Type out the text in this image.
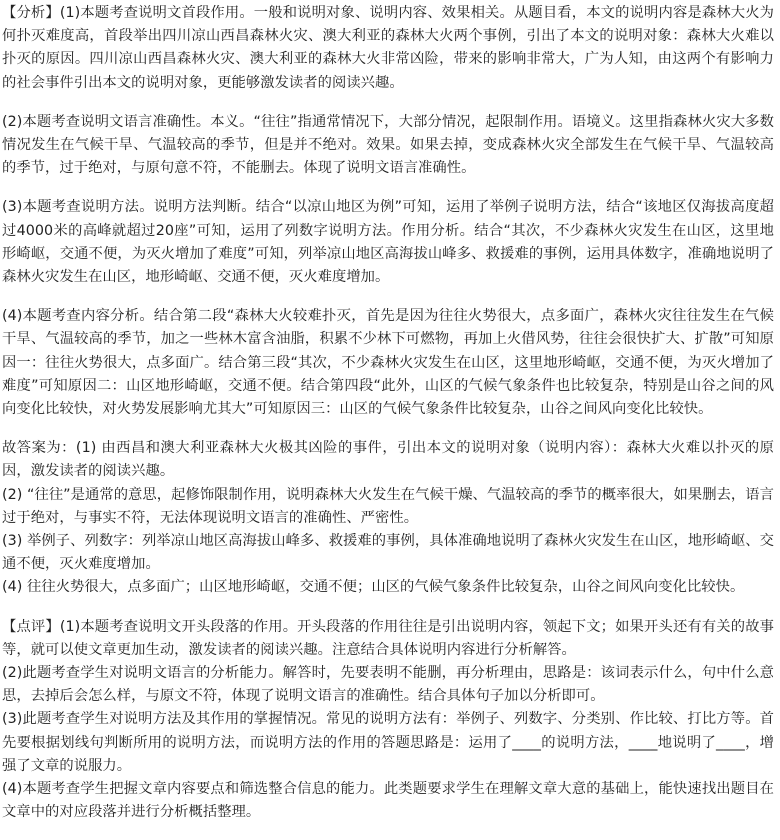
【分析】(1)本题考查说明文首段作用。一般和说明对象、说明内容、效果相关。从题目看，本文的说明内容是森林大火为何扑灭难度高，首段举出四川凉山西昌森林火灾、澳大利亚的森林大火两个事例，引出了本文的说明对象：森林大火难以扑灭的原因。四川凉山西昌森林火灾、澳大利亚的森林大火非常凶险，带来的影响非常大，广为人知，由这两个有影响力的社会事件引出本文的说明对象，更能够激发读者的阅读兴趣。

(2)本题考查说明文语言准确性。本义。“往往”指通常情况下，大部分情况，起限制作用。语境义。这里指森林火灾大多数情况发生在气候干旱、气温较高的季节，但是并不绝对。效果。如果去掉，变成森林火灾全部发生在气候干旱、气温较高的季节，过于绝对，与原句意不符，不能删去。体现了说明文语言准确性。

(3)本题考查说明方法。说明方法判断。结合“以凉山地区为例”可知，运用了举例子说明方法，结合“该地区仅海拔高度超过4000米的高峰就超过20座”可知，运用了列数字说明方法。作用分析。结合“其次，不少森林火灾发生在山区，这里地形崎岖，交通不便，为灭火增加了难度”可知，列举凉山地区高海拔山峰多、救援难的事例，运用具体数字，准确地说明了森林火灾发生在山区，地形崎岖、交通不便，灭火难度增加。

(4)本题考查内容分析。结合第二段“森林大火较难扑灭，首先是因为往往火势很大，点多面广，森林火灾往往发生在气候干旱、气温较高的季节，加之一些林木富含油脂，积累不少林下可燃物，再加上火借风势，往往会很快扩大、扩散”可知原因一：往往火势很大，点多面广。结合第三段“其次，不少森林火灾发生在山区，这里地形崎岖，交通不便，为灭火增加了难度”可知原因二：山区地形崎岖，交通不便。结合第四段“此外，山区的气候气象条件也比较复杂，特别是山谷之间的风向变化比较快，对火势发展影响尤其大”可知原因三：山区的气候气象条件比较复杂，山谷之间风向变化比较快。

故答案为：(1) 由西昌和澳大利亚森林大火极其凶险的事件，引出本文的说明对象（说明内容）：森林大火难以扑灭的原因，激发读者的阅读兴趣。

(2) “往往”是通常的意思，起修饰限制作用，说明森林大火发生在气候干燥、气温较高的季节的概率很大，如果删去，语言过于绝对，与事实不符，无法体现说明文语言的准确性、严密性。

(3) 举例子、列数字：列举凉山地区高海拔山峰多、救援难的事例，具体准确地说明了森林火灾发生在山区，地形崎岖、交通不便，灭火难度增加。

(4) 往往火势很大，点多面广；山区地形崎岖，交通不便；山区的气候气象条件比较复杂，山谷之间风向变化比较快。

【点评】(1)本题考查说明文开头段落的作用。开头段落的作用往往是引出说明内容，领起下文；如果开头还有有关的故事等，就可以使文章更加生动，激发读者的阅读兴趣。注意结合具体说明内容进行分析解答。

(2)此题考查学生对说明文语言的分析能力。解答时，先要表明不能删，再分析理由，思路是：该词表示什么，句中什么意思，去掉后会怎么样，与原文不符，体现了说明文语言的准确性。结合具体句子加以分析即可。

(3)此题考查学生对说明方法及其作用的掌握情况。常见的说明方法有：举例子、列数字、分类别、作比较、打比方等。首先要根据划线句判断所用的说明方法，而说明方法的作用的答题思路是：运用了____的说明方法，____地说明了____，增强了文章的说服力。

(4)本题考查学生把握文章内容要点和筛选整合信息的能力。此类题要求学生在理解文章大意的基础上，能快速找出题目在文章中的对应段落并进行分析概括整理。
